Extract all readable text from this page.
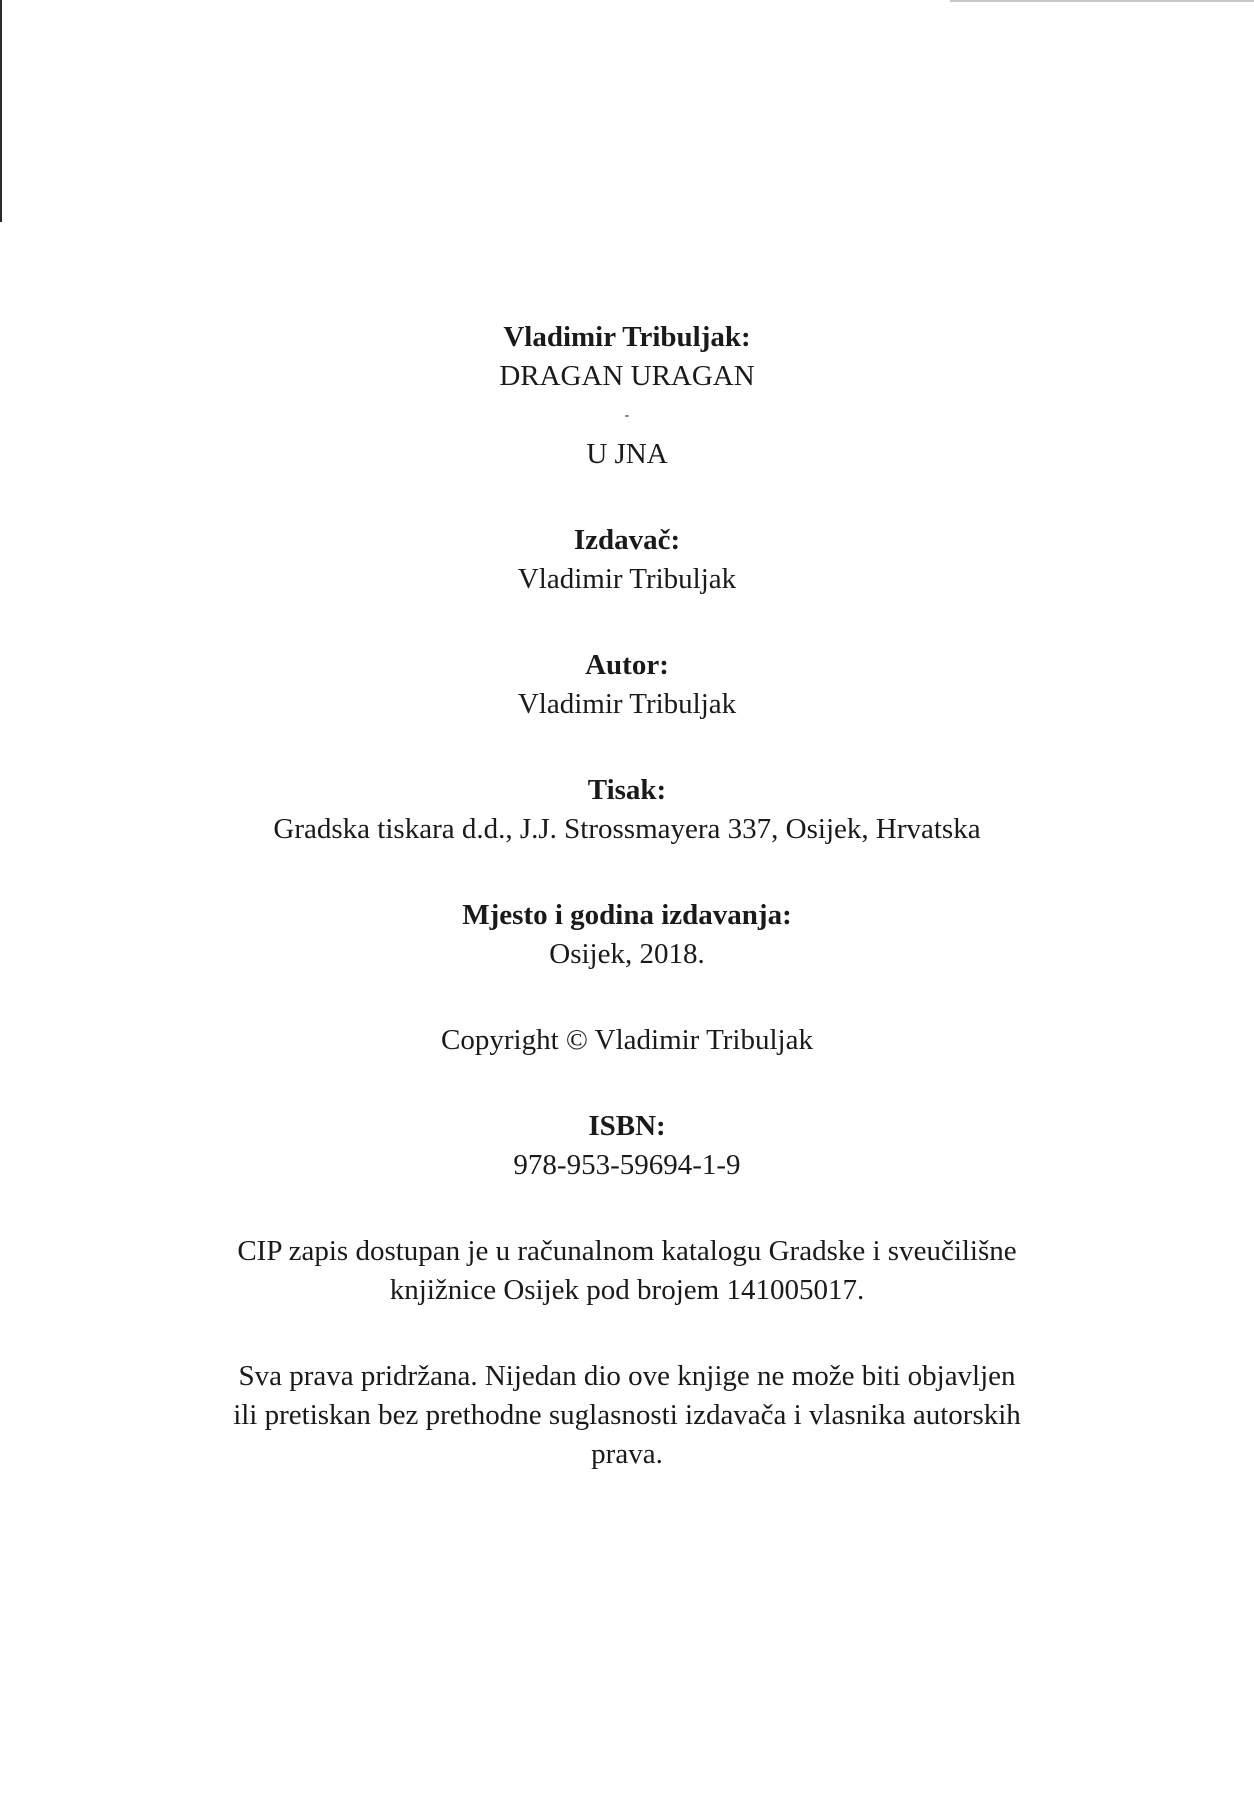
Vladimir Tribuljak:
DRAGAN URAGAN
-
U JNA
Izdavač:
Vladimir Tribuljak
Autor:
Vladimir Tribuljak
Tisak:
Gradska tiskara d.d., J.J. Strossmayera 337, Osijek, Hrvatska
Mjesto i godina izdavanja:
Osijek, 2018.
Copyright © Vladimir Tribuljak
ISBN:
978-953-59694-1-9
CIP zapis dostupan je u računalnom katalogu Gradske i sveučilišne
knjižnice Osijek pod brojem 141005017.
Sva prava pridržana. Nijedan dio ove knjige ne može biti objavljen
ili pretiskan bez prethodne suglasnosti izdavača i vlasnika autorskih
prava.
